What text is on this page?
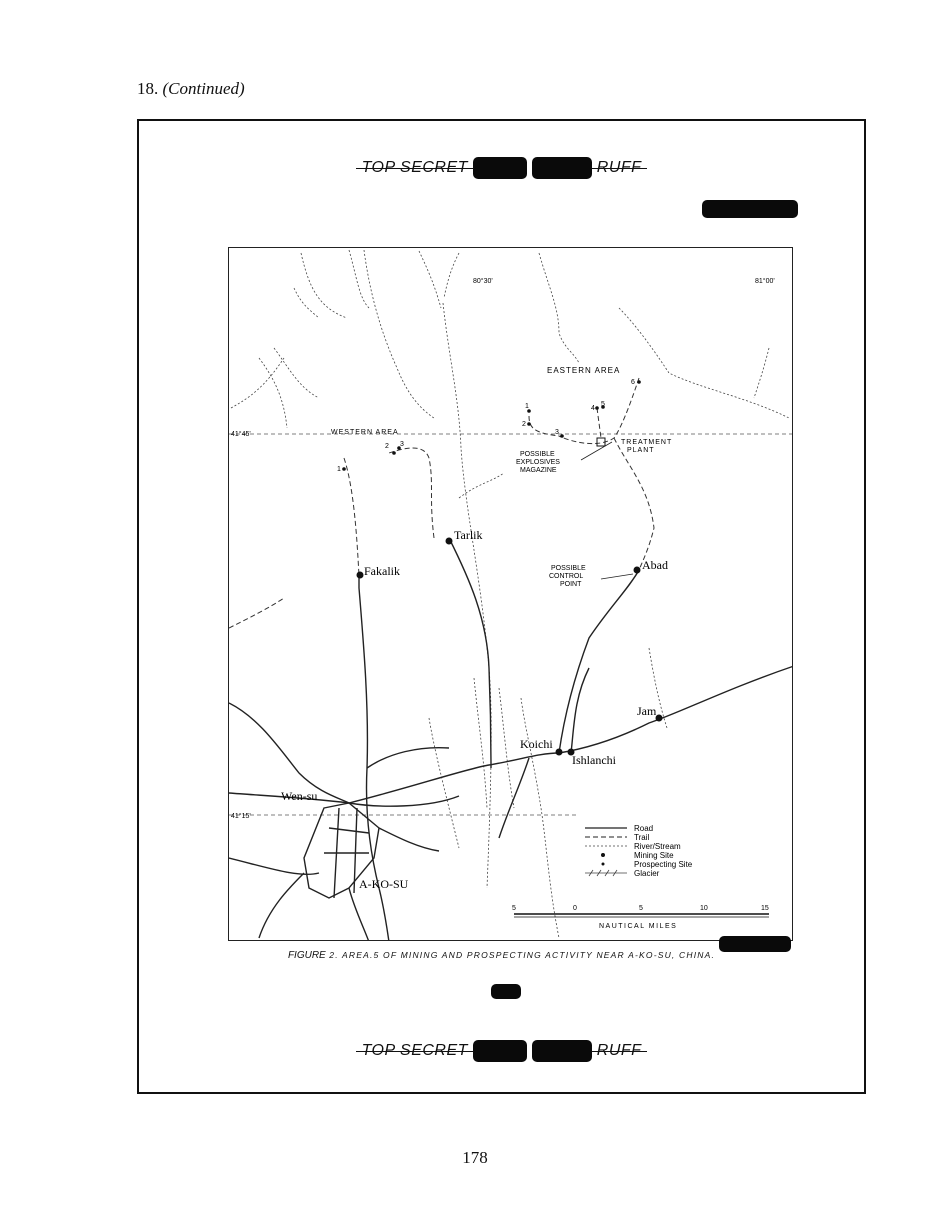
18. (Continued)
TOP SECRET	RUFF
80°30'	81°00'
41°45'
41°15'
EASTERN AREA
WESTERN AREA
1
2
3
4
5
6
1
2 3	TREATMENT
PLANT
POSSIBLE
EXPLOSIVES
MAGAZINE
POSSIBLE
CONTROL
POINT
Tarlik
Fakalik	Abad
Jam
Koichi
Ishlanchi
Wen-su
A-KO-SU
Road
Trail
River/Stream
Mining Site
Prospecting Site
Glacier
5	0	5	10	15
NAUTICAL MILES
FIGURE 2. AREA.5 OF MINING AND PROSPECTING ACTIVITY NEAR A-KO-SU, CHINA.
TOP SECRET	RUFF
178
